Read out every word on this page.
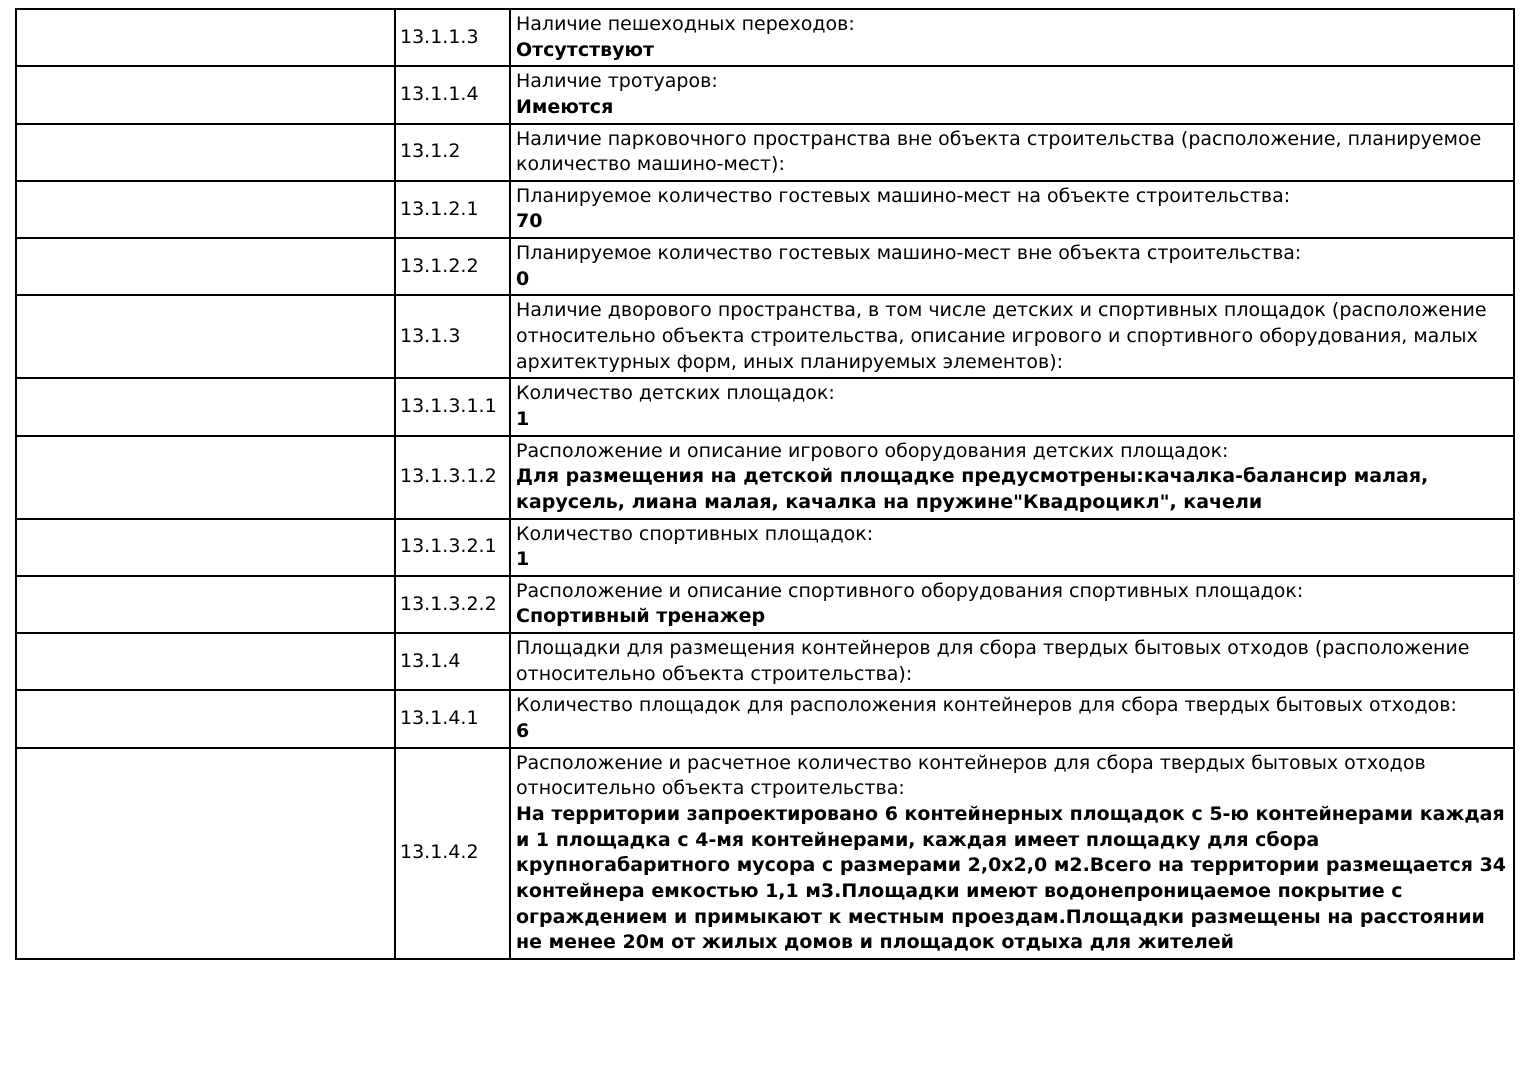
	13.1.1.3	Наличие пешеходных переходов:
Отсутствуют

	13.1.1.4	Наличие тротуаров:
Имеются

	13.1.2	Наличие парковочного пространства вне объекта строительства (расположение, планируемое количество машино-мест):

	13.1.2.1	Планируемое количество гостевых машино-мест на объекте строительства:
70

	13.1.2.2	Планируемое количество гостевых машино-мест вне объекта строительства:
0

	13.1.3	Наличие дворового пространства, в том числе детских и спортивных площадок (расположение относительно объекта строительства, описание игрового и спортивного оборудования, малых архитектурных форм, иных планируемых элементов):

	13.1.3.1.1	Количество детских площадок:
1

	13.1.3.1.2	Расположение и описание игрового оборудования детских площадок:
Для размещения на детской площадке предусмотрены:качалка-балансир малая, карусель, лиана малая, качалка на пружине"Квадроцикл", качели

	13.1.3.2.1	Количество спортивных площадок:
1

	13.1.3.2.2	Расположение и описание спортивного оборудования спортивных площадок:
Спортивный тренажер

	13.1.4	Площадки для размещения контейнеров для сбора твердых бытовых отходов (расположение относительно объекта строительства):

	13.1.4.1	Количество площадок для расположения контейнеров для сбора твердых бытовых отходов:
6

	13.1.4.2	Расположение и расчетное количество контейнеров для сбора твердых бытовых отходов относительно объекта строительства:
На территории запроектировано 6 контейнерных площадок с 5-ю контейнерами каждая и 1 площадка с 4-мя контейнерами, каждая имеет площадку для сбора крупногабаритного мусора с размерами 2,0х2,0 м2.Всего на территории размещается 34 контейнера емкостью 1,1 м3.Площадки имеют водонепроницаемое покрытие с ограждением и примыкают к местным проездам.Площадки размещены на расстоянии не менее 20м от жилых домов и площадок отдыха для жителей
